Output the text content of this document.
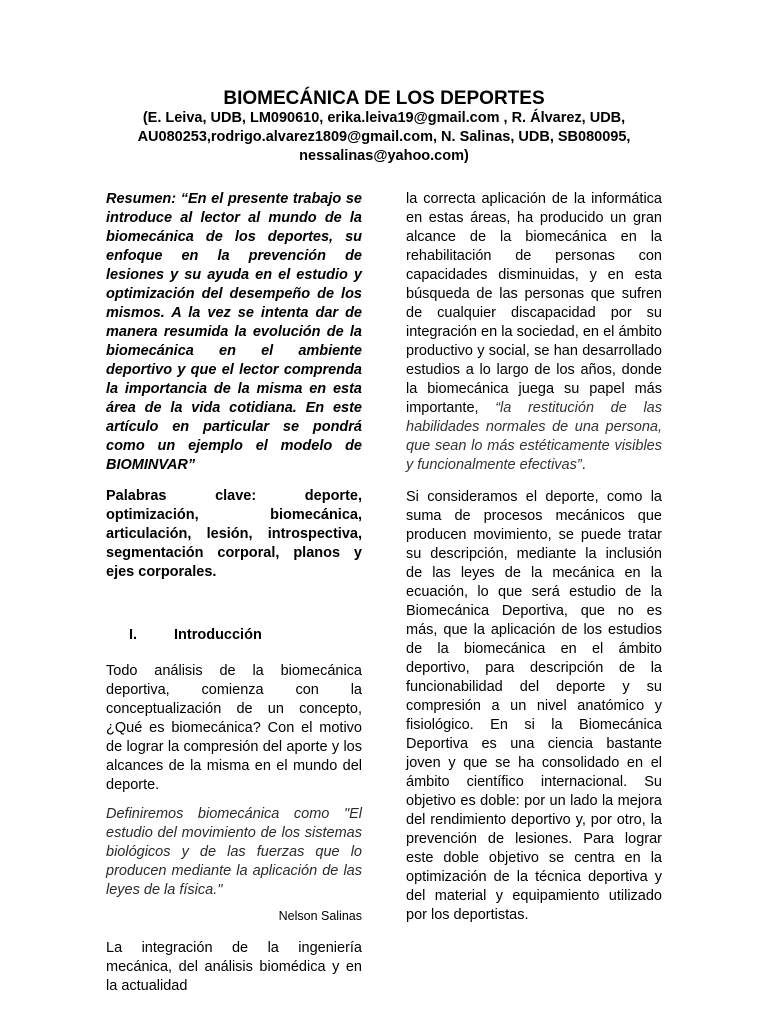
BIOMECÁNICA DE LOS DEPORTES
(E. Leiva, UDB, LM090610, erika.leiva19@gmail.com , R. Álvarez, UDB, AU080253,rodrigo.alvarez1809@gmail.com, N. Salinas, UDB, SB080095, nessalinas@yahoo.com)

Resumen: “En el presente trabajo se introduce al lector al mundo de la biomecánica de los deportes, su enfoque en la prevención de lesiones y su ayuda en el estudio y optimización del desempeño de los mismos. A la vez se intenta dar de manera resumida la evolución de la biomecánica en el ambiente deportivo y que el lector comprenda la importancia de la misma en esta área de la vida cotidiana. En este artículo en particular se pondrá como un ejemplo el modelo de BIOMINVAR”

Palabras clave: deporte, optimización, biomecánica, articulación, lesión, introspectiva, segmentación corporal, planos y ejes corporales.

I.	Introducción

Todo análisis de la biomecánica deportiva, comienza con la conceptualización de un concepto, ¿Qué es biomecánica? Con el motivo de lograr la compresión del aporte y los alcances de la misma en el mundo del deporte.

Definiremos biomecánica como "El estudio del movimiento de los sistemas biológicos y de las fuerzas que lo producen mediante la aplicación de las leyes de la física."

Nelson Salinas

La integración de la ingeniería mecánica, del análisis biomédica y en la actualidad

la correcta aplicación de la informática en estas áreas, ha producido un gran alcance de la biomecánica en la rehabilitación de personas con capacidades disminuidas, y en esta búsqueda de las personas que sufren de cualquier discapacidad por su integración en la sociedad, en el ámbito productivo y social, se han desarrollado estudios a lo largo de los años, donde la biomecánica juega su papel más importante, “la restitución de las habilidades normales de una persona, que sean lo más estéticamente visibles y funcionalmente efectivas”.

Si consideramos el deporte, como la suma de procesos mecánicos que producen movimiento, se puede tratar su descripción, mediante la inclusión de las leyes de la mecánica en la ecuación, lo que será estudio de la Biomecánica Deportiva, que no es más, que la aplicación de los estudios de la biomecánica en el ámbito deportivo, para descripción de la funcionabilidad del deporte y su compresión a un nivel anatómico y fisiológico. En si la Biomecánica Deportiva es una ciencia bastante joven y que se ha consolidado en el ámbito científico internacional. Su objetivo es doble: por un lado la mejora del rendimiento deportivo y, por otro, la prevención de lesiones. Para lograr este doble objetivo se centra en la optimización de la técnica deportiva y del material y equipamiento utilizado por los deportistas.
